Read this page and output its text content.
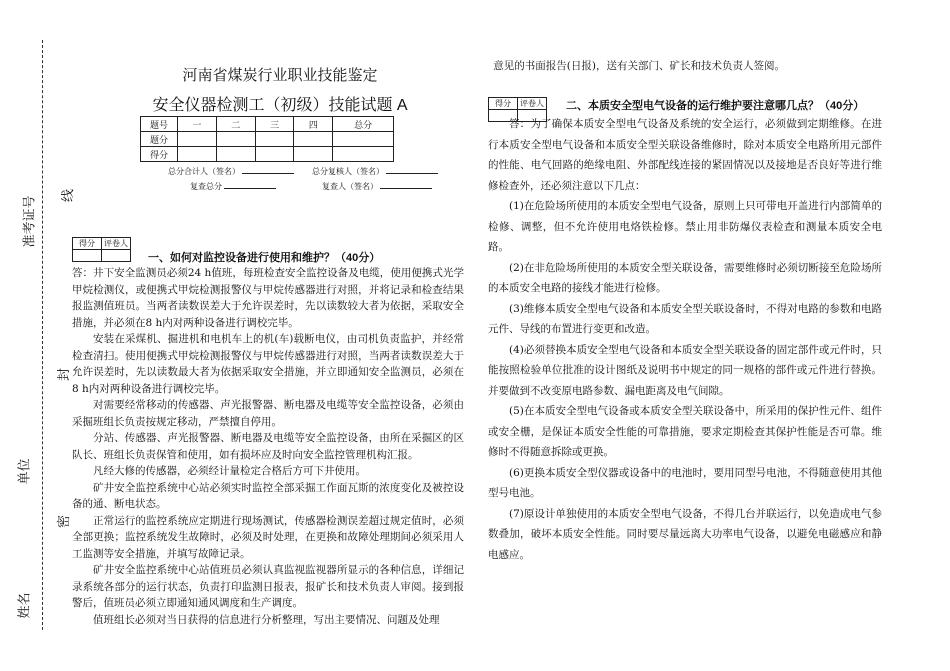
准考证号 线
封
单位
密
姓名
河南省煤炭行业职业技能鉴定
安全仪器检测工（初级）技能试题 A
题号	一	二	三	四	总分
题分					
得分					
总分合计人（签名）	总分复核人（签名）
复查总分	复查人（签名）
得分	评卷人

一、如何对监控设备进行使用和维护？（40分）

答：井下安全监测员必须24 h值班，每班检查安全监控设备及电缆，使用便携式光学甲烷检测仪，或便携式甲烷检测报警仪与甲烷传感器进行对照，并将记录和检查结果报监测值班员。当两者读数误差大于允许误差时，先以读数较大者为依据，采取安全措施，并必须在8 h内对两种设备进行调校完毕。

安装在采煤机、掘进机和电机车上的机(车)载断电仪，由司机负责监护，并经常检查清扫。使用便携式甲烷检测报警仪与甲烷传感器进行对照，当两者读数误差大于允许误差时，先以读数最大者为依据采取安全措施，并立即通知安全监测员，必须在8 h内对两种设备进行调校完毕。

对需要经常移动的传感器、声光报警器、断电器及电缆等安全监控设备，必须由采掘班组长负责按规定移动，严禁擅自停用。

分站、传感器、声光报警器、断电器及电缆等安全监控设备，由所在采掘区的区队长、班组长负责保管和使用，如有损坏应及时向安全监控管理机构汇报。

凡经大修的传感器，必须经计量检定合格后方可下井使用。

矿井安全监控系统中心站必须实时监控全部采掘工作面瓦斯的浓度变化及被控设备的通、断电状态。

正常运行的监控系统应定期进行现场测试，传感器检测误差超过规定值时，必须全部更换；监控系统发生故障时，必须及时处理，在更换和故障处理期间必须采用人工监测等安全措施，并填写故障记录。

矿井安全监控系统中心站值班员必须认真监视监视器所显示的各种信息，详细记录系统各部分的运行状态，负责打印监测日报表，报矿长和技术负责人审阅。接到报警后，值班员必须立即通知通风调度和生产调度。

值班组长必须对当日获得的信息进行分析整理，写出主要情况、问题及处理

意见的书面报告(日报)，送有关部门、矿长和技术负责人签阅。
得分	评卷人
	二、本质安全型电气设备的运行维护要注意哪几点？（40分）

答：为了确保本质安全型电气设备及系统的安全运行，必须做到定期维修。在进行本质安全型电气设备和本质安全型关联设备维修时，除对本质安全电路所用元部件的性能、电气回路的绝缘电阻、外部配线连接的紧固情况以及接地是否良好等进行维修检查外，还必须注意以下几点：

(1)在危险场所使用的本质安全型电气设备，原则上只可带电开盖进行内部简单的检修、调整，但不允许使用电烙铁检修。禁止用非防爆仪表检查和测量本质安全电路。

(2)在非危险场所使用的本质安全型关联设备，需要维修时必须切断接至危险场所的本质安全电路的接线才能进行检修。

(3)维修本质安全型电气设备和本质安全型关联设备时，不得对电路的参数和电路元件、导线的布置进行变更和改造。

(4)必须替换本质安全型电气设备和本质安全型关联设备的固定部件或元件时，只能按照检验单位批准的设计图纸及说明书中规定的同一规格的部件或元件进行替换。并要做到不改变原电路参数、漏电距离及电气间隙。

(5)在本质安全型电气设备或本质安全型关联设备中，所采用的保护性元件、组件或安全栅，是保证本质安全性能的可靠措施，要求定期检查其保护性能是否可靠。维修时不得随意拆除或更换。

(6)更换本质安全型仪器或设备中的电池时，要用同型号电池，不得随意使用其他型号电池。

(7)原设计单独使用的本质安全型电气设备，不得几台并联运行，以免造成电气参数叠加，破坏本质安全性能。同时要尽量远离大功率电气设备，以避免电磁感应和静电感应。
